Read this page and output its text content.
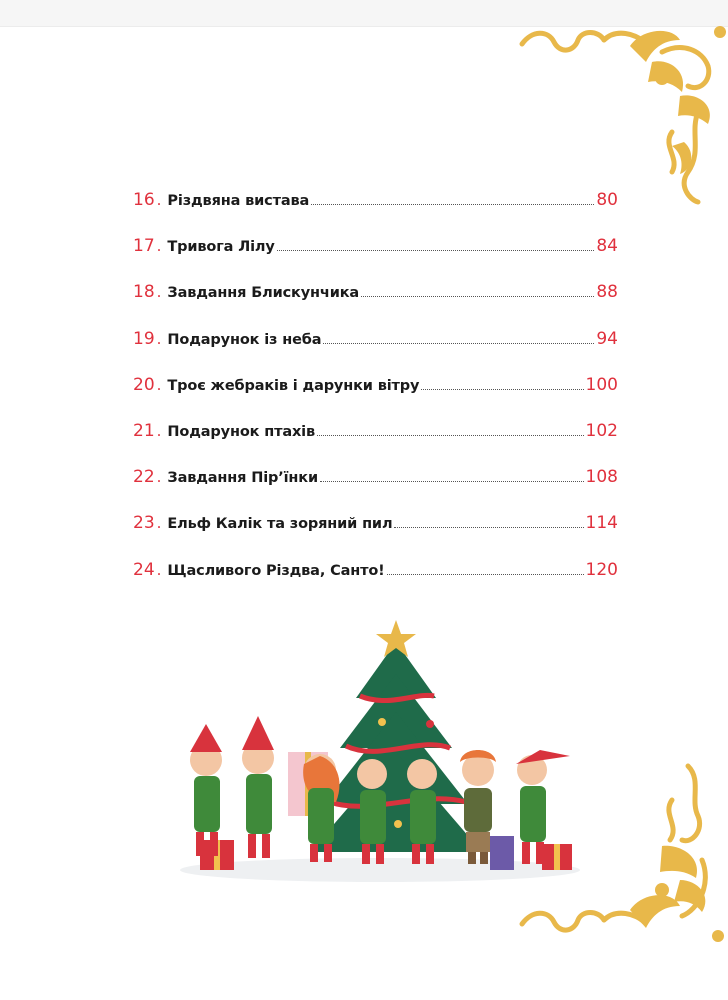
16 . Різдвяна вистава	80
17 . Тривога Лілу	84
18 . Завдання Блискунчика	88
19 . Подарунок із неба	94
20 . Троє жебраків і дарунки вітру	100
21 . Подарунок птахів	102
22 . Завдання Пір’їнки	108
23 . Ельф Калік та зоряний пил	114
24 . Щасливого Різдва, Санто!	120
